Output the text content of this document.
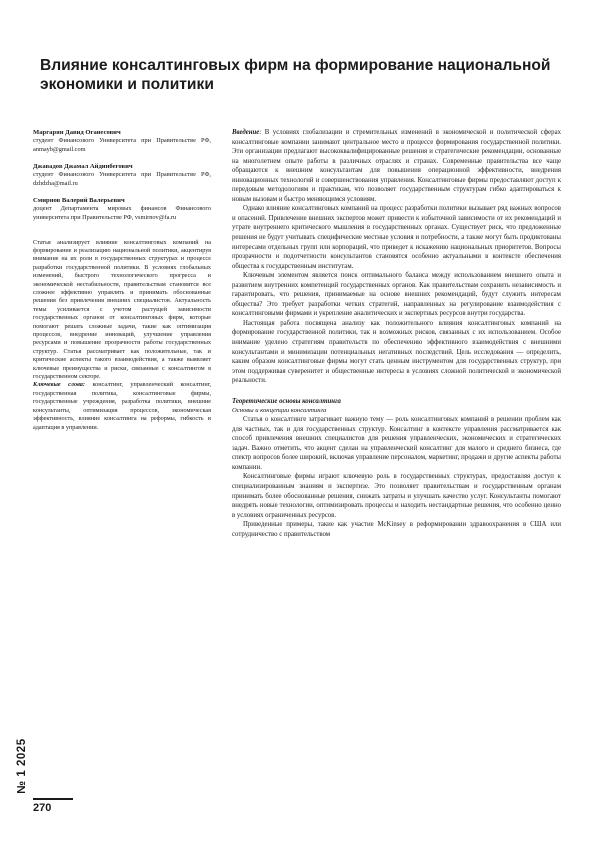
Влияние консалтинговых фирм на формирование национальной экономики и политики
Маргарян Давид Оганесович
студент Финансового Университета при Правительстве РФ, anmayb@gmail.com
Джавадов Джамал Айдинбегович
студент Финансового Университета при Правительстве РФ, dzhdzha@mail.ru
Смирнов Валерий Валерьевич
доцент Департамента мировых финансов Финансового университета при Правительстве РФ, vsmirnov@fa.ru
Статья анализирует влияние консалтинговых компаний на формирование и реализацию национальной политики, акцентируя внимание на их роли в государственных структурах и процессе разработки государственной политики. В условиях глобальных изменений, быстрого технологического прогресса и экономической нестабильности, правительствам становится все сложнее эффективно управлять и принимать обоснованные решения без привлечения внешних специалистов. Актуальность темы усиливается с учетом растущей зависимости государственных органов от консалтинговых фирм, которые помогают решать сложные задачи, такие как оптимизация процессов, внедрение инноваций, улучшение управления ресурсами и повышение прозрачности работы государственных структур. Статья рассматривает как положительные, так и критические аспекты такого взаимодействия, а также выявляет ключевые преимущества и риски, связанные с консалтингом в государственном секторе.
Ключевые слова: консалтинг, управленческий консалтинг, государственная политика, консалтинговые фирмы, государственные учреждения, разработка политики, внешние консультанты, оптимизация процессов, экономическая эффективность, влияние консалтинга на реформы, гибкость и адаптация в управлении.

Введение: В условиях глобализации и стремительных изменений в экономической и политической сферах консалтинговые компании занимают центральное место в процессе формирования государственной политики. Эти организации предлагают высококвалифицированные решения и стратегические рекомендации, основанные на многолетнем опыте работы в различных отраслях и странах. Современные правительства все чаще обращаются к внешним консультантам для повышения операционной эффективности, внедрения инновационных технологий и совершенствования управления. Консалтинговые фирмы предоставляют доступ к передовым методологиям и практикам, что позволяет государственным структурам гибко адаптироваться к новым вызовам и быстро меняющимся условиям.

Однако влияние консалтинговых компаний на процесс разработки политики вызывает ряд важных вопросов и опасений. Привлечение внешних экспертов может привести к избыточной зависимости от их рекомендаций и утрате внутреннего критического мышления в государственных органах. Существует риск, что предложенные решения не будут учитывать специфические местные условия и потребности, а также могут быть продиктованы интересами отдельных групп или корпораций, что приведет к искажению национальных приоритетов. Вопросы прозрачности и подотчетности консультантов становятся особенно актуальными в контексте обеспечения общества к государственным институтам.

Ключевым элементом является поиск оптимального баланса между использованием внешнего опыта и развитием внутренних компетенций государственных органов. Как правительствам сохранить независимость и гарантировать, что решения, принимаемые на основе внешних рекомендаций, будут служить интересам общества? Это требует разработки четких стратегий, направленных на регулирование взаимодействия с консалтинговыми фирмами и укрепление аналитических и экспертных ресурсов внутри государства.

Настоящая работа посвящена анализу как положительного влияния консалтинговых компаний на формирование государственной политики, так и возможных рисков, связанных с их использованием. Особое внимание уделено стратегиям правительств по обеспечению эффективного взаимодействия с внешними консультантами и минимизации потенциальных негативных последствий. Цель исследования — определить, каким образом консалтинговые фирмы могут стать ценным инструментом для государственных структур, при этом поддерживая суверенитет и общественные интересы в условиях сложной политической и экономической реальности.

Теоретические основы консалтинга
Основы и концепции консалтинга

Статья о консалтинге затрагивает важную тему — роль консалтинговых компаний в решении проблем как для частных, так и для государственных структур. Консалтинг в контексте управления рассматривается как способ привлечения внешних специалистов для решения управленческих, экономических и стратегических задач. Важно отметить, что акцент сделан на управленческий консалтинг для малого и среднего бизнеса, где спектр вопросов более широкий, включая управление персоналом, маркетинг, продажи и другие аспекты работы компании.

Консалтинговые фирмы играют ключевую роль в государственных структурах, предоставляя доступ к специализированным знаниям и экспертизе. Это позволяет правительствам и государственным органам принимать более обоснованные решения, снижать затраты и улучшать качество услуг. Консультанты помогают внедрять новые технологии, оптимизировать процессы и находить нестандартные решения, что особенно ценно в условиях ограниченных ресурсов.

Приведенные примеры, такие как участие McKinsey в реформировании здравоохранения в США или сотрудничество с правительством

№ 1 2025
270
